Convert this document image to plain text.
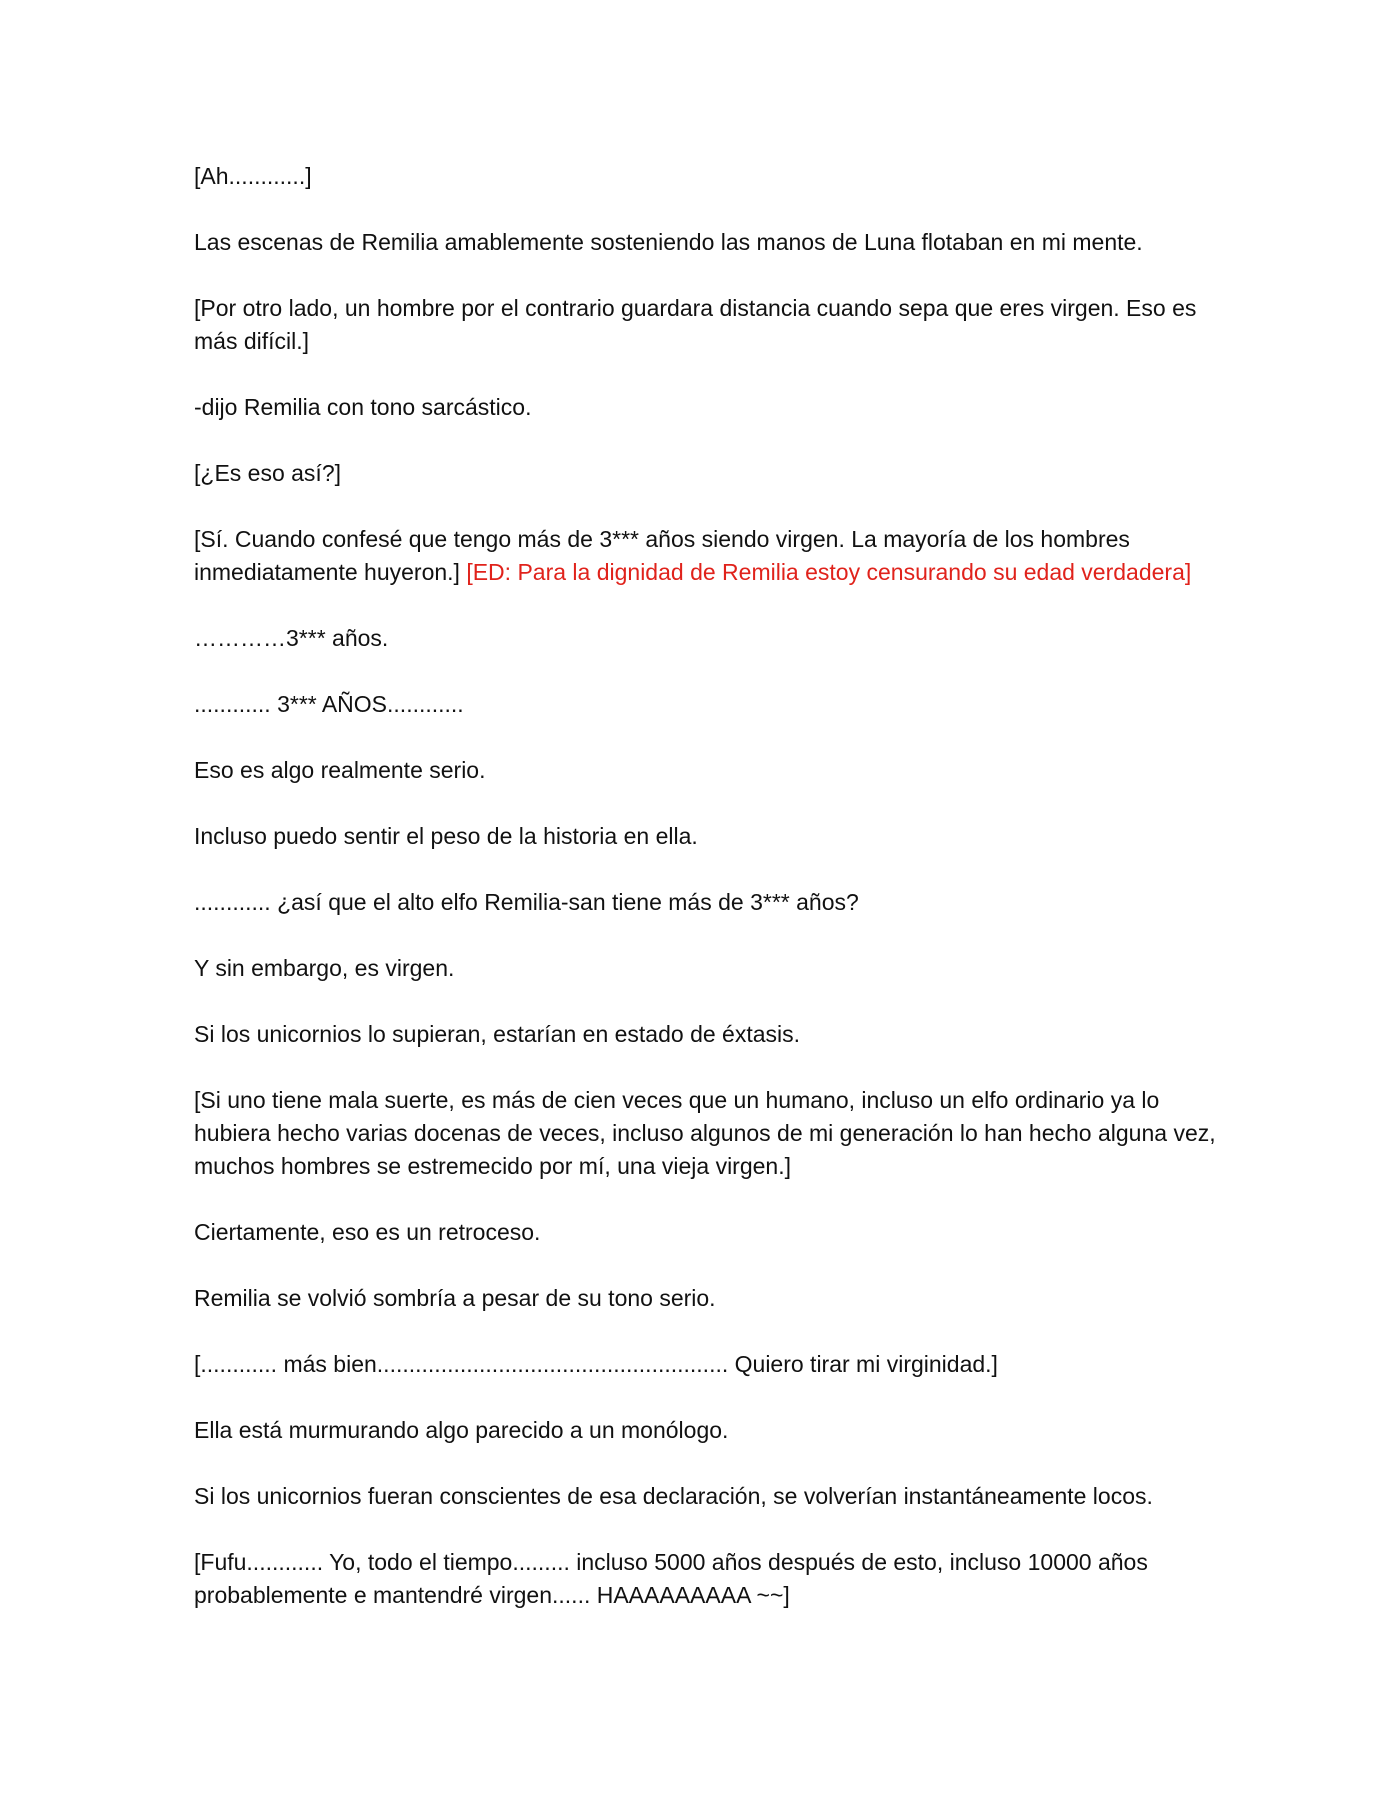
[Ah............]

Las escenas de Remilia amablemente sosteniendo las manos de Luna flotaban en mi mente.

[Por otro lado, un hombre por el contrario guardara distancia cuando sepa que eres virgen. Eso es más difícil.]

-dijo Remilia con tono sarcástico.

[¿Es eso así?]

[Sí. Cuando confesé que tengo más de 3*** años siendo virgen. La mayoría de los hombres inmediatamente huyeron.] [ED: Para la dignidad de Remilia estoy censurando su edad verdadera]

…………3*** años.

............ 3*** AÑOS............

Eso es algo realmente serio.

Incluso puedo sentir el peso de la historia en ella.

............ ¿así que el alto elfo Remilia-san tiene más de 3*** años?

Y sin embargo, es virgen.

Si los unicornios lo supieran, estarían en estado de éxtasis.

[Si uno tiene mala suerte, es más de cien veces que un humano, incluso un elfo ordinario ya lo hubiera hecho varias docenas de veces, incluso algunos de mi generación lo han hecho alguna vez, muchos hombres se estremecido por mí, una vieja virgen.]

Ciertamente, eso es un retroceso.

Remilia se volvió sombría a pesar de su tono serio.

[............ más bien....................................................... Quiero tirar mi virginidad.]

Ella está murmurando algo parecido a un monólogo.

Si los unicornios fueran conscientes de esa declaración, se volverían instantáneamente locos.

[Fufu............ Yo, todo el tiempo......... incluso 5000 años después de esto, incluso 10000 años probablemente e mantendré virgen...... HAAAAAAAAA ~~]
